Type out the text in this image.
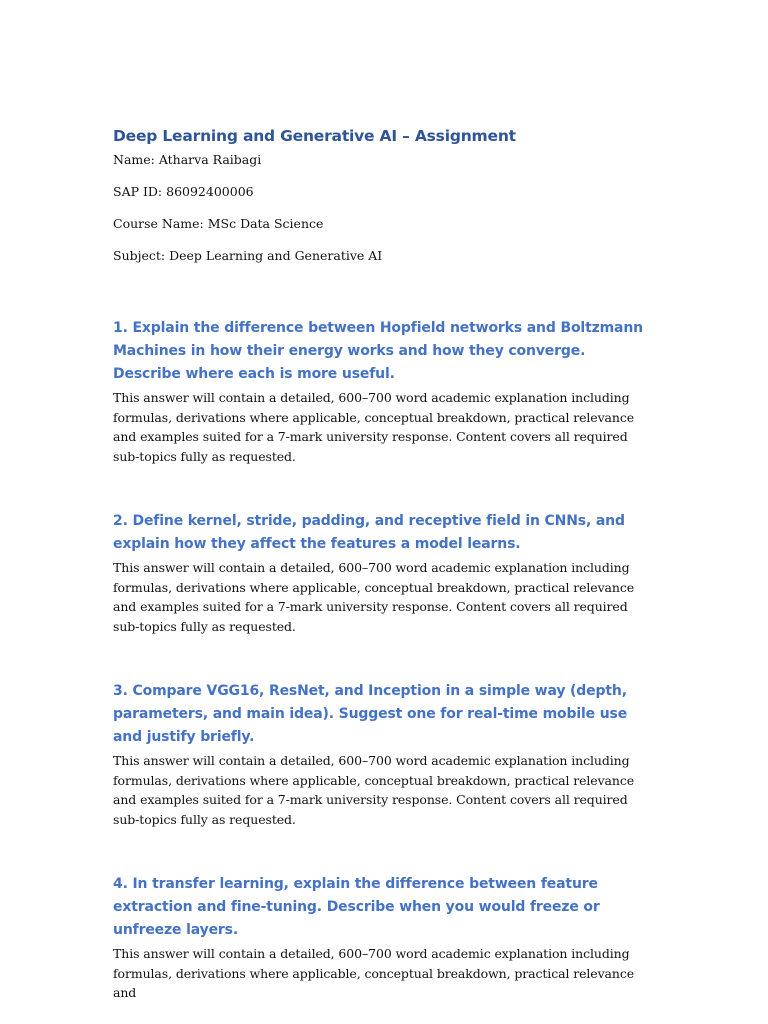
Deep Learning and Generative AI – Assignment

Name: Atharva Raibagi

SAP ID: 86092400006

Course Name: MSc Data Science

Subject: Deep Learning and Generative AI

1. Explain the difference between Hopfield networks and Boltzmann Machines in how their energy works and how they converge. Describe where each is more useful.

This answer will contain a detailed, 600–700 word academic explanation including formulas, derivations where applicable, conceptual breakdown, practical relevance and examples suited for a 7-mark university response. Content covers all required sub-topics fully as requested.

2. Define kernel, stride, padding, and receptive field in CNNs, and explain how they affect the features a model learns.

This answer will contain a detailed, 600–700 word academic explanation including formulas, derivations where applicable, conceptual breakdown, practical relevance and examples suited for a 7-mark university response. Content covers all required sub-topics fully as requested.

3. Compare VGG16, ResNet, and Inception in a simple way (depth, parameters, and main idea). Suggest one for real-time mobile use and justify briefly.

This answer will contain a detailed, 600–700 word academic explanation including formulas, derivations where applicable, conceptual breakdown, practical relevance and examples suited for a 7-mark university response. Content covers all required sub-topics fully as requested.

4. In transfer learning, explain the difference between feature extraction and fine-tuning. Describe when you would freeze or unfreeze layers.

This answer will contain a detailed, 600–700 word academic explanation including formulas, derivations where applicable, conceptual breakdown, practical relevance and
